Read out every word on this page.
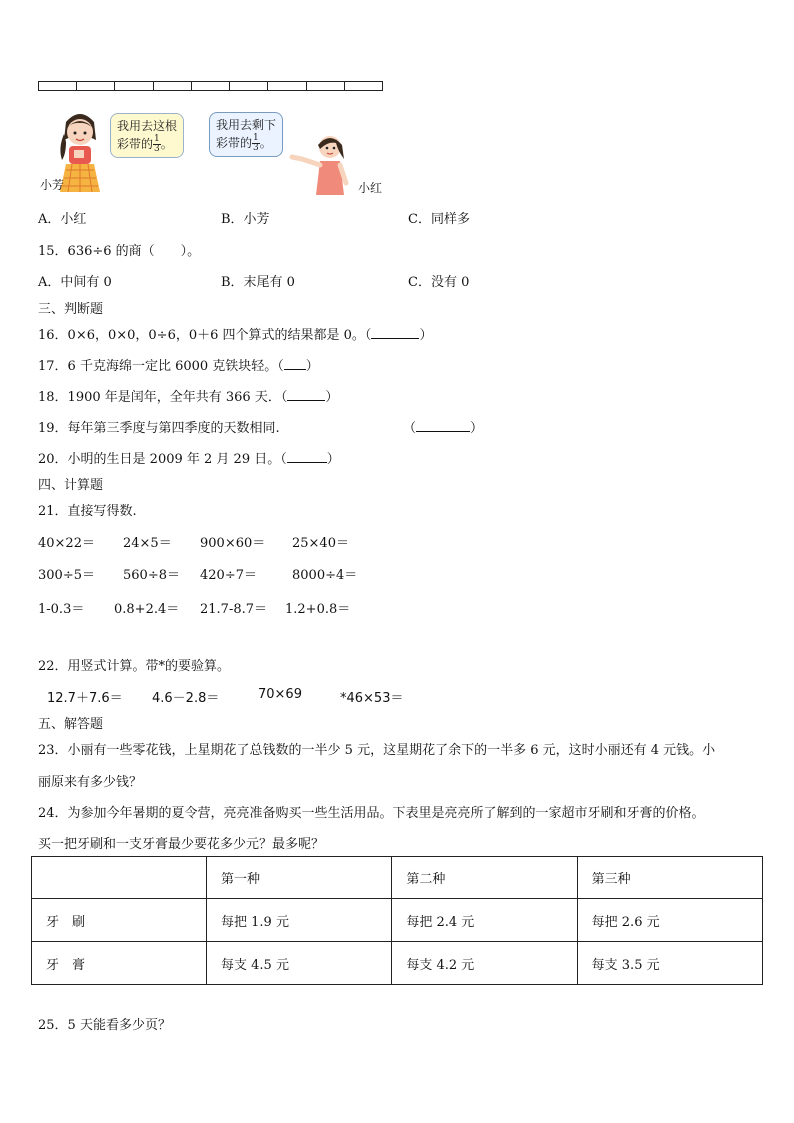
我用去这根
彩带的 $\frac{1}{3}$ 。
我用去剩下
彩带的 $\frac{1}{3}$ 。
小芳	小红
A．小红	B．小芳	C．同样多
15．636÷6 的商（　　）。
A．中间有 0	B．末尾有 0	C．没有 0
三、判断题
16．0×6，0×0，0÷6，0＋6 四个算式的结果都是 0。（	）
17．6 千克海绵一定比 6000 克铁块轻。（ ）
18．1900 年是闰年，全年共有 366 天．（	）
19．每年第三季度与第四季度的天数相同.	（	）
20．小明的生日是 2009 年 2 月 29 日。（	）
四、计算题
21．直接写得数.
40×22＝ 24×5＝ 900×60＝ 25×40＝
300÷5＝ 560÷8＝ 420÷7＝	8000÷4＝
1-0.3＝ 0.8+2.4＝ 21.7-8.7＝ 1.2+0.8＝
22．用竖式计算。带*的要验算。
12.7＋7.6＝ 4.6－2.8＝	70×69	*46×53＝
五、解答题
23．小丽有一些零花钱，上星期花了总钱数的一半少 5 元，这星期花了余下的一半多 6 元，这时小丽还有 4 元钱。小
丽原来有多少钱？
24．为参加今年暑期的夏令营，亮亮准备购买一些生活用品。下表里是亮亮所了解到的一家超市牙刷和牙膏的价格。
买一把牙刷和一支牙膏最少要花多少元？最多呢？
	第一种	第二种	第三种
牙　刷	每把 1.9 元	每把 2.4 元	每把 2.6 元
牙　膏	每支 4.5 元	每支 4.2 元	每支 3.5 元
25．5 天能看多少页？
